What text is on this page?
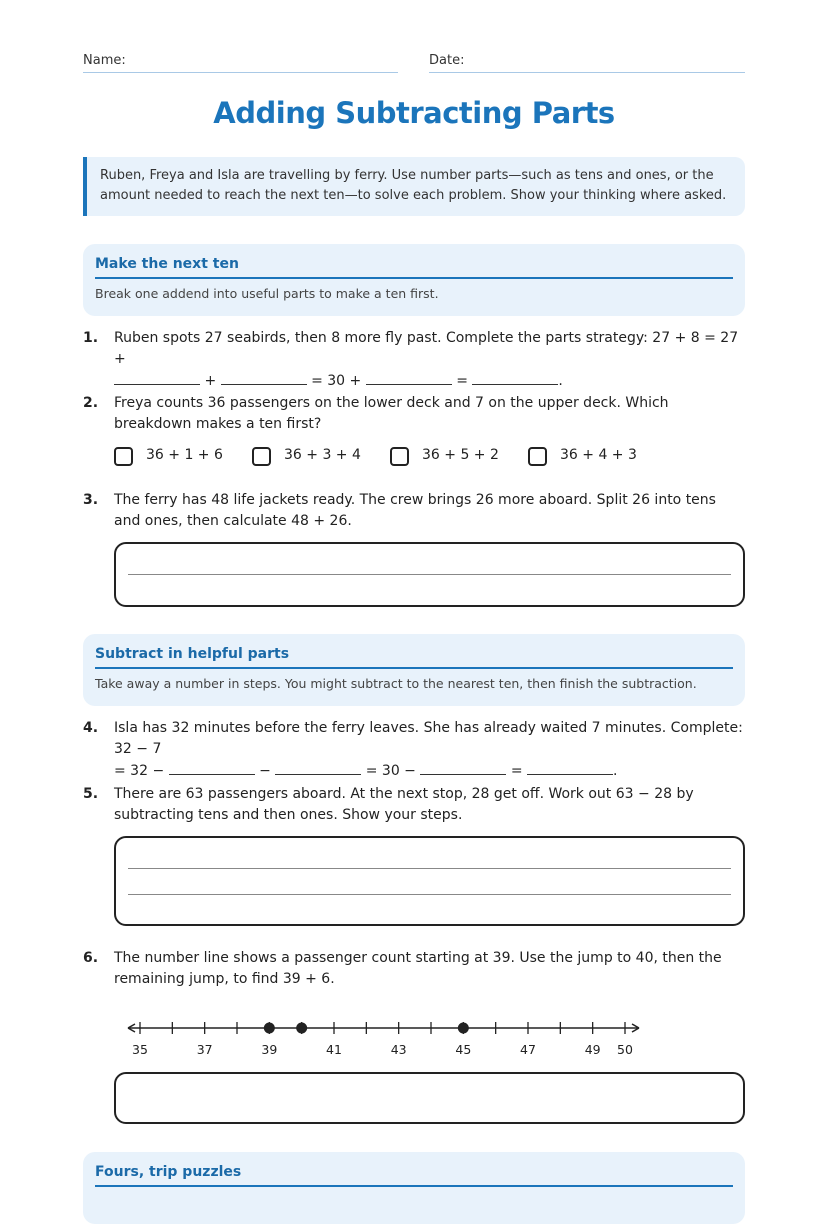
Name:	Date:
Adding Subtracting Parts
Ruben, Freya and Isla are travelling by ferry. Use number parts—such as tens and ones, or the amount needed to reach the next ten—to solve each problem. Show your thinking where asked.
Make the next ten
Break one addend into useful parts to make a ten first.
1.	Ruben spots 27 seabirds, then 8 more fly past. Complete the parts strategy: 27 + 8 = 27 +
+	= 30 +	=	.
2.	Freya counts 36 passengers on the lower deck and 7 on the upper deck. Which breakdown makes a ten first?
36 + 1 + 6	36 + 3 + 4	36 + 5 + 2	36 + 4 + 3
3.	The ferry has 48 life jackets ready. The crew brings 26 more aboard. Split 26 into tens and ones, then calculate 48 + 26.
Subtract in helpful parts
Take away a number in steps. You might subtract to the nearest ten, then finish the subtraction.
4.	Isla has 32 minutes before the ferry leaves. She has already waited 7 minutes. Complete: 32 − 7
= 32 −	−	= 30 −	=	.
5.	There are 63 passengers aboard. At the next stop, 28 get off. Work out 63 − 28 by subtracting tens and then ones. Show your steps.
6.	The number line shows a passenger count starting at 39. Use the jump to 40, then the remaining jump, to find 39 + 6.
35	37	39	41	43	45	47	49 50
Fours, trip puzzles
